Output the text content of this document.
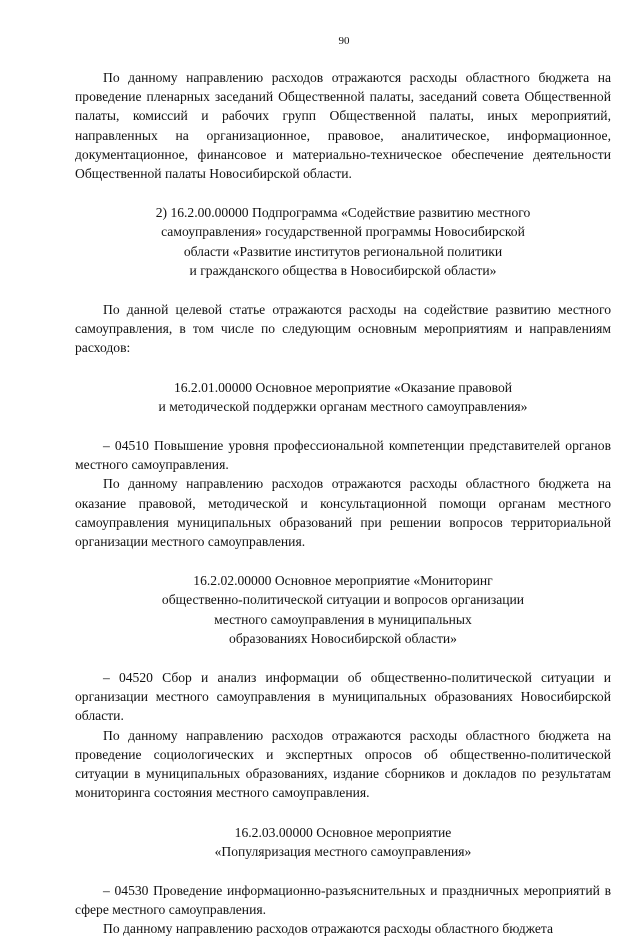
90

По данному направлению расходов отражаются расходы областного бюджета на проведение пленарных заседаний Общественной палаты, заседаний совета Общественной палаты, комиссий и рабочих групп Общественной палаты, иных мероприятий, направленных на организационное, правовое, аналитическое, информационное, документационное, финансовое и материально-техническое обеспечение деятельности Общественной палаты Новосибирской области.

2) 16.2.00.00000 Подпрограмма «Содействие развитию местного
самоуправления» государственной программы Новосибирской
области «Развитие институтов региональной политики
и гражданского общества в Новосибирской области»

По данной целевой статье отражаются расходы на содействие развитию местного самоуправления, в том числе по следующим основным мероприятиям и направлениям расходов:

16.2.01.00000 Основное мероприятие «Оказание правовой
и методической поддержки органам местного самоуправления»

– 04510 Повышение уровня профессиональной компетенции представителей органов местного самоуправления.

По данному направлению расходов отражаются расходы областного бюджета на оказание правовой, методической и консультационной помощи органам местного самоуправления муниципальных образований при решении вопросов территориальной организации местного самоуправления.

16.2.02.00000 Основное мероприятие «Мониторинг
общественно-политической ситуации и вопросов организации
местного самоуправления в муниципальных
образованиях Новосибирской области»

– 04520 Сбор и анализ информации об общественно-политической ситуации и организации местного самоуправления в муниципальных образованиях Новосибирской области.

По данному направлению расходов отражаются расходы областного бюджета на проведение социологических и экспертных опросов об общественно-политической ситуации в муниципальных образованиях, издание сборников и докладов по результатам мониторинга состояния местного самоуправления.

16.2.03.00000 Основное мероприятие
«Популяризация местного самоуправления»

– 04530 Проведение информационно-разъяснительных и праздничных мероприятий в сфере местного самоуправления.

По данному направлению расходов отражаются расходы областного бюджета
